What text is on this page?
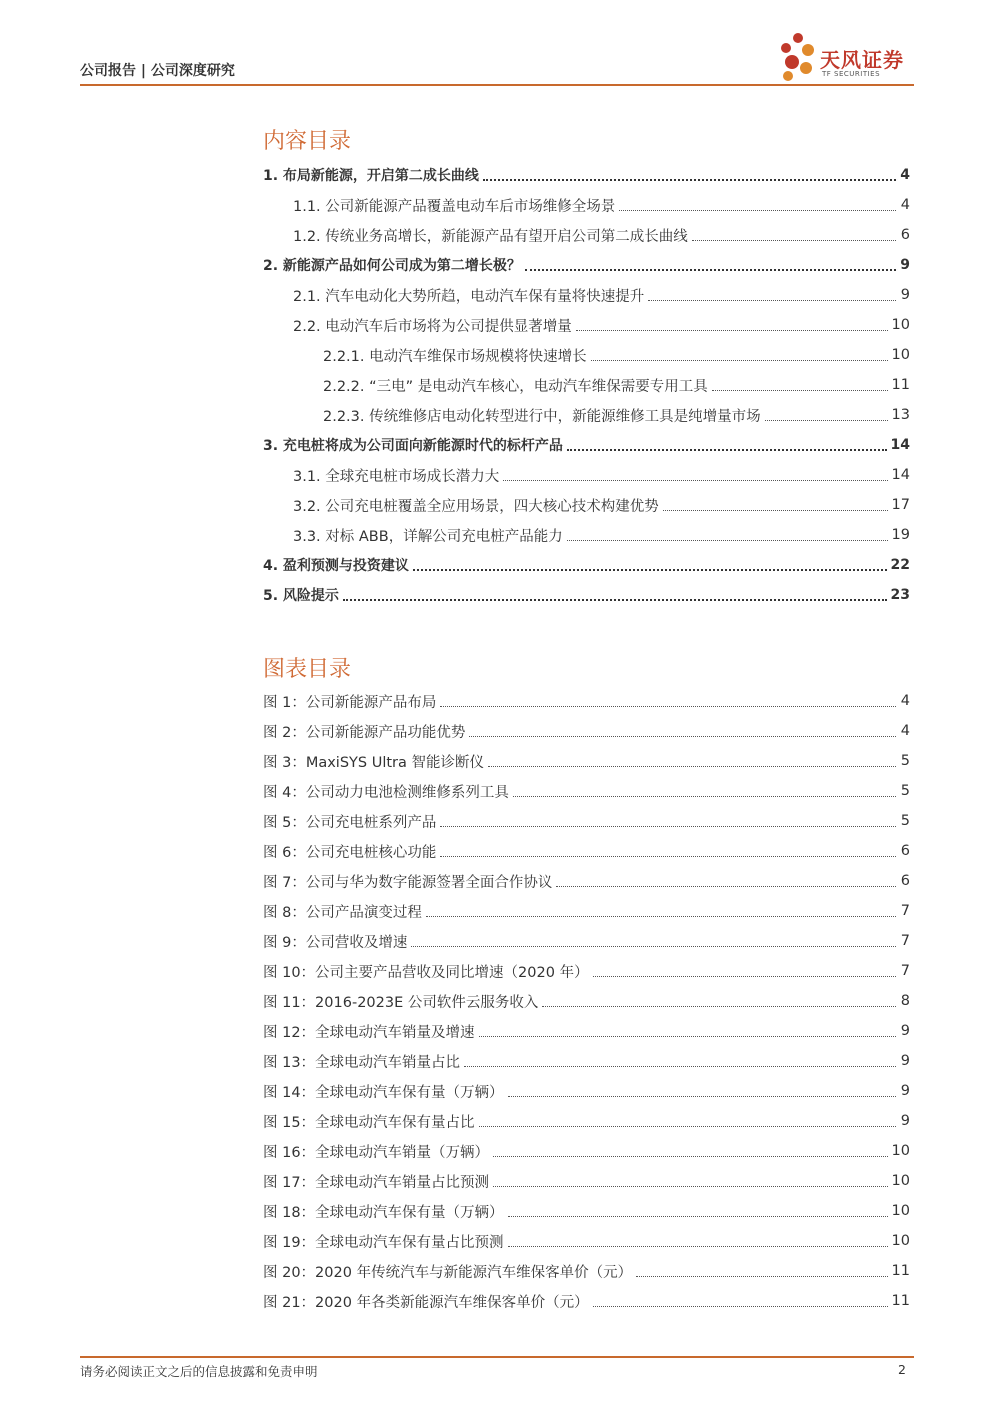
公司报告 | 公司深度研究	天风证券
TF SECURITIES
内容目录
1. 布局新能源，开启第二成长曲线	4
1.1. 公司新能源产品覆盖电动车后市场维修全场景	4
1.2. 传统业务高增长，新能源产品有望开启公司第二成长曲线	6
2. 新能源产品如何公司成为第二增长极？	9
2.1. 汽车电动化大势所趋，电动汽车保有量将快速提升	9
2.2. 电动汽车后市场将为公司提供显著增量	10
2.2.1. 电动汽车维保市场规模将快速增长	10
2.2.2. “三电” 是电动汽车核心，电动汽车维保需要专用工具	11
2.2.3. 传统维修店电动化转型进行中，新能源维修工具是纯增量市场	13
3. 充电桩将成为公司面向新能源时代的标杆产品	14
3.1. 全球充电桩市场成长潜力大	14
3.2. 公司充电桩覆盖全应用场景，四大核心技术构建优势	17
3.3. 对标 ABB，详解公司充电桩产品能力	19
4. 盈利预测与投资建议	22
5. 风险提示	23
图表目录
图 1：公司新能源产品布局	4
图 2：公司新能源产品功能优势	4
图 3：MaxiSYS Ultra 智能诊断仪	5
图 4：公司动力电池检测维修系列工具	5
图 5：公司充电桩系列产品	5
图 6：公司充电桩核心功能	6
图 7：公司与华为数字能源签署全面合作协议	6
图 8：公司产品演变过程	7
图 9：公司营收及增速	7
图 10：公司主要产品营收及同比增速（2020 年）	7
图 11：2016-2023E 公司软件云服务收入	8
图 12：全球电动汽车销量及增速	9
图 13：全球电动汽车销量占比	9
图 14：全球电动汽车保有量（万辆）	9
图 15：全球电动汽车保有量占比	9
图 16：全球电动汽车销量（万辆）	10
图 17：全球电动汽车销量占比预测	10
图 18：全球电动汽车保有量（万辆）	10
图 19：全球电动汽车保有量占比预测	10
图 20：2020 年传统汽车与新能源汽车维保客单价（元）	11
图 21：2020 年各类新能源汽车维保客单价（元）	11
请务必阅读正文之后的信息披露和免责申明	2
